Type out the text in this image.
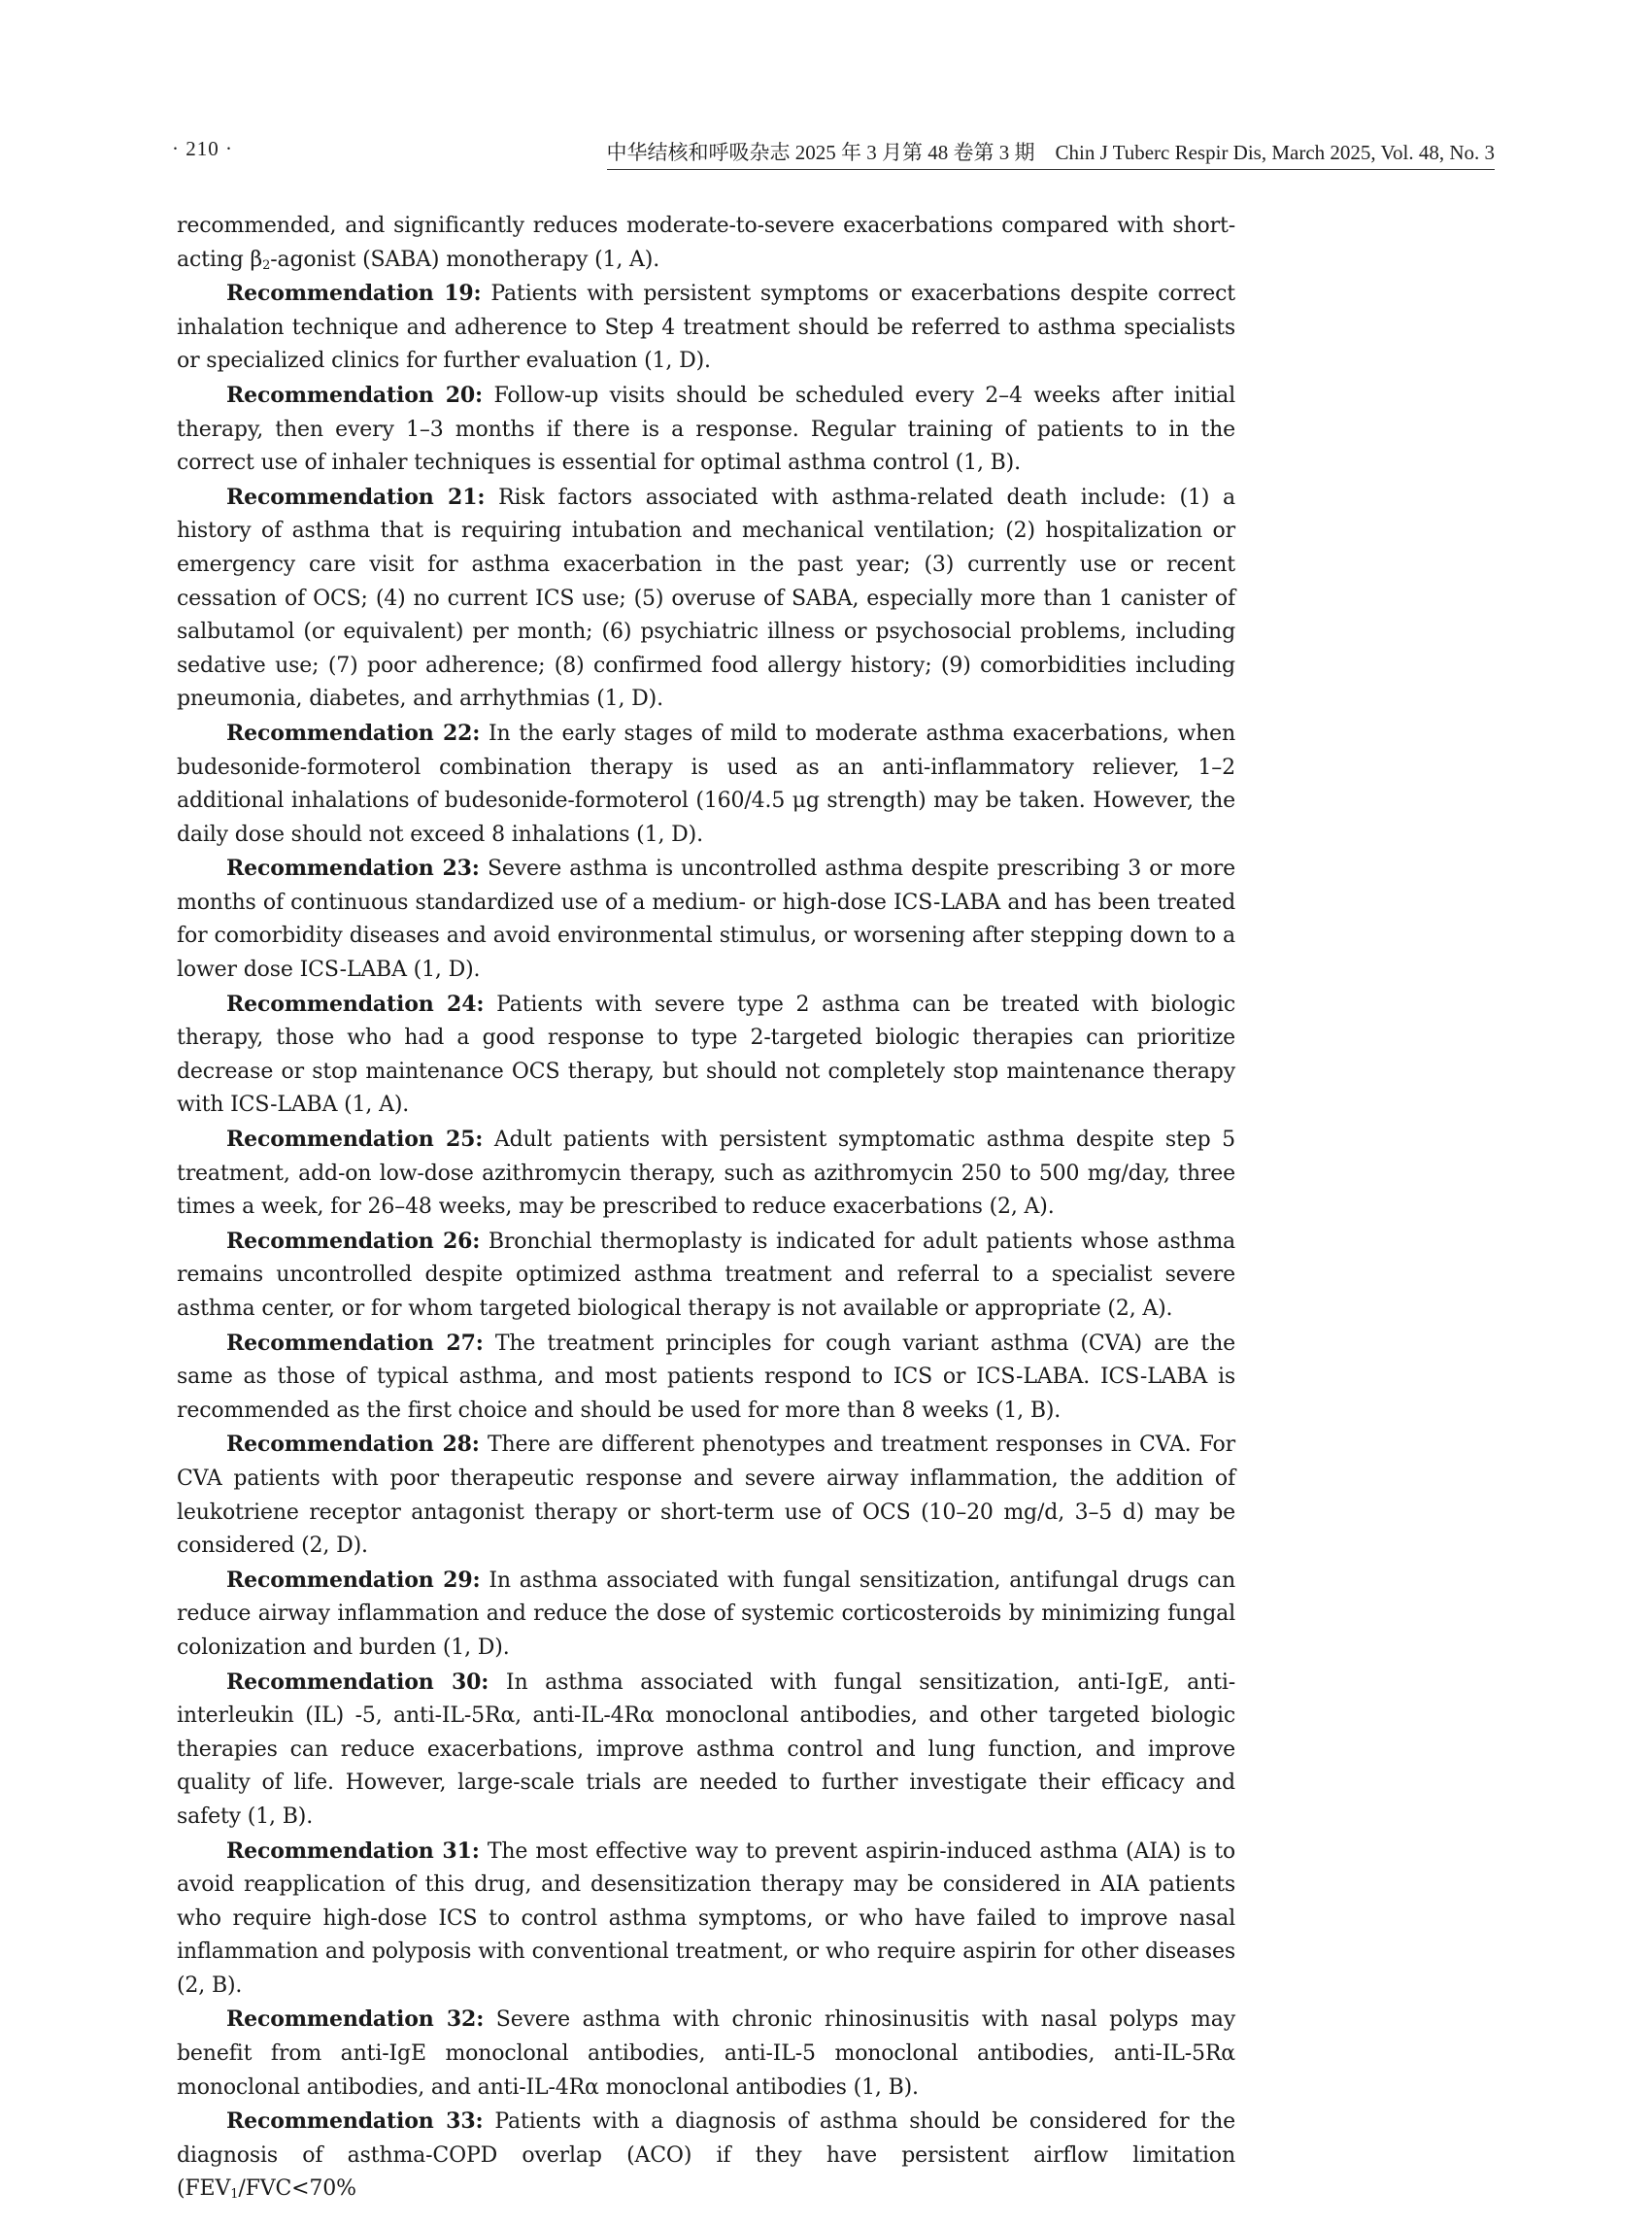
· 210 ·	中华结核和呼吸杂志 2025 年 3 月第 48 卷第 3 期　Chin J Tuberc Respir Dis, March 2025, Vol. 48, No. 3

recommended, and significantly reduces moderate-to-severe exacerbations compared with short-acting $\beta_2$-agonist (SABA) monotherapy (1, A).

Recommendation 19: Patients with persistent symptoms or exacerbations despite correct inhalation technique and adherence to Step 4 treatment should be referred to asthma specialists or specialized clinics for further evaluation (1, D).

Recommendation 20: Follow-up visits should be scheduled every 2–4 weeks after initial therapy, then every 1–3 months if there is a response. Regular training of patients to in the correct use of inhaler techniques is essential for optimal asthma control (1, B).

Recommendation 21: Risk factors associated with asthma-related death include: (1) a history of asthma that is requiring intubation and mechanical ventilation; (2) hospitalization or emergency care visit for asthma exacerbation in the past year; (3) currently use or recent cessation of OCS; (4) no current ICS use; (5) overuse of SABA, especially more than 1 canister of salbutamol (or equivalent) per month; (6) psychiatric illness or psychosocial problems, including sedative use; (7) poor adherence; (8) confirmed food allergy history; (9) comorbidities including pneumonia, diabetes, and arrhythmias (1, D).

Recommendation 22: In the early stages of mild to moderate asthma exacerbations, when budesonide-formoterol combination therapy is used as an anti-inflammatory reliever, 1–2 additional inhalations of budesonide-formoterol (160/4.5 μg strength) may be taken. However, the daily dose should not exceed 8 inhalations (1, D).

Recommendation 23: Severe asthma is uncontrolled asthma despite prescribing 3 or more months of continuous standardized use of a medium- or high-dose ICS-LABA and has been treated for comorbidity diseases and avoid environmental stimulus, or worsening after stepping down to a lower dose ICS-LABA (1, D).

Recommendation 24: Patients with severe type 2 asthma can be treated with biologic therapy, those who had a good response to type 2-targeted biologic therapies can prioritize decrease or stop maintenance OCS therapy, but should not completely stop maintenance therapy with ICS-LABA (1, A).

Recommendation 25: Adult patients with persistent symptomatic asthma despite step 5 treatment, add-on low-dose azithromycin therapy, such as azithromycin 250 to 500 mg/day, three times a week, for 26–48 weeks, may be prescribed to reduce exacerbations (2, A).

Recommendation 26: Bronchial thermoplasty is indicated for adult patients whose asthma remains uncontrolled despite optimized asthma treatment and referral to a specialist severe asthma center, or for whom targeted biological therapy is not available or appropriate (2, A).

Recommendation 27: The treatment principles for cough variant asthma (CVA) are the same as those of typical asthma, and most patients respond to ICS or ICS-LABA. ICS-LABA is recommended as the first choice and should be used for more than 8 weeks (1, B).

Recommendation 28: There are different phenotypes and treatment responses in CVA. For CVA patients with poor therapeutic response and severe airway inflammation, the addition of leukotriene receptor antagonist therapy or short-term use of OCS (10–20 mg/d, 3–5 d) may be considered (2, D).

Recommendation 29: In asthma associated with fungal sensitization, antifungal drugs can reduce airway inflammation and reduce the dose of systemic corticosteroids by minimizing fungal colonization and burden (1, D).

Recommendation 30: In asthma associated with fungal sensitization, anti-IgE, anti-interleukin (IL) -5, anti-IL-5Rα, anti-IL-4Rα monoclonal antibodies, and other targeted biologic therapies can reduce exacerbations, improve asthma control and lung function, and improve quality of life. However, large-scale trials are needed to further investigate their efficacy and safety (1, B).

Recommendation 31: The most effective way to prevent aspirin-induced asthma (AIA) is to avoid reapplication of this drug, and desensitization therapy may be considered in AIA patients who require high-dose ICS to control asthma symptoms, or who have failed to improve nasal inflammation and polyposis with conventional treatment, or who require aspirin for other diseases (2, B).

Recommendation 32: Severe asthma with chronic rhinosinusitis with nasal polyps may benefit from anti-IgE monoclonal antibodies, anti-IL-5 monoclonal antibodies, anti-IL-5Rα monoclonal antibodies, and anti-IL-4Rα monoclonal antibodies (1, B).

Recommendation 33: Patients with a diagnosis of asthma should be considered for the diagnosis of asthma-COPD overlap (ACO) if they have persistent airflow limitation ($FEV_1/FVC<70\%$
